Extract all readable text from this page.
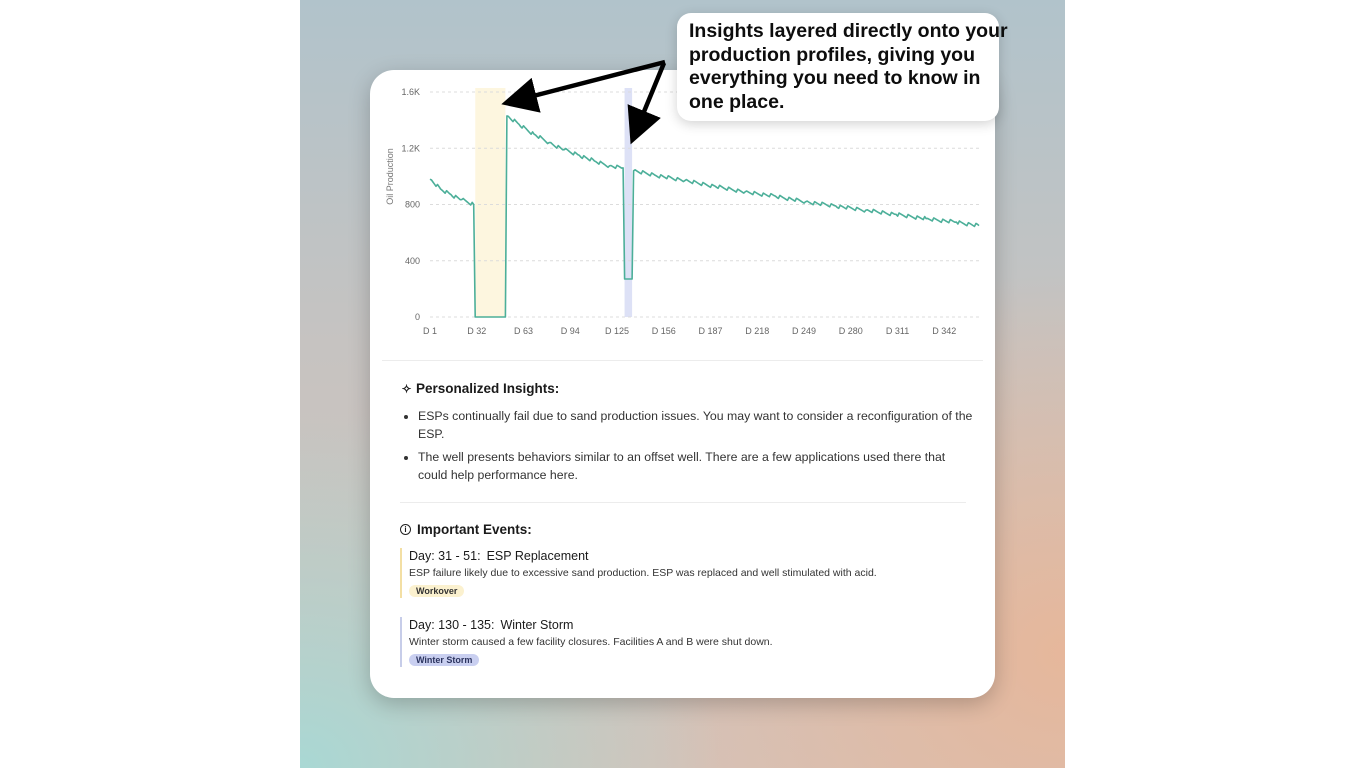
0
400
800
1.2K
1.6K
D 1	D 32	D 63	D 94	D 125	D 156	D 187	D 218	D 249	D 280	D 311	D 342
Oil Production
✧ Personalized Insights:
• ESPs continually fail due to sand production issues. You may want to consider a reconfiguration of the ESP.
• The well presents behaviors similar to an offset well. There are a few applications used there that could help performance here.
i Important Events:
Day: 31 - 51: ESP Replacement
ESP failure likely due to excessive sand production. ESP was replaced and well stimulated with acid.
Workover
Day: 130 - 135: Winter Storm
Winter storm caused a few facility closures. Facilities A and B were shut down.
Winter Storm
Insights layered directly onto your production profiles, giving you everything you need to know in one place.
